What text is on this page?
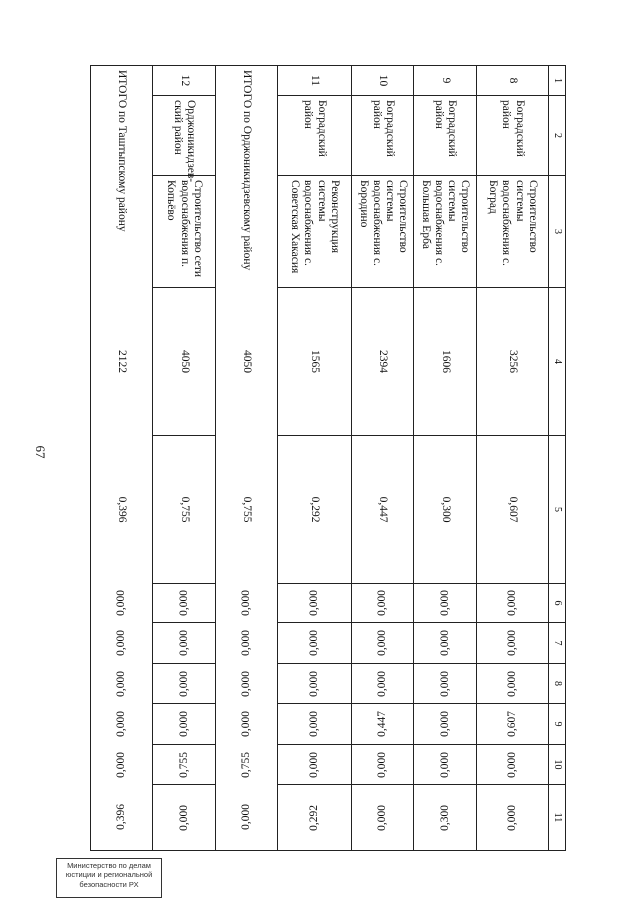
67
1	2	3	4	5	6	7	8	9	10	11
8	Боградский район	Строительство системы водоснабжения с. Боград	3256	0,607	0,000	0,000	0,000	0,607	0,000	0,000
9	Боградский район	Строительство системы водоснабжения с. Большая Ерба	1606	0,300	0,000	0,000	0,000	0,000	0,000	0,300
10	Боградский район	Строительство системы водоснабжения с. Бородино	2394	0,447	0,000	0,000	0,000	0,447	0,000	0,000
11	Боградский район	Реконструкция системы водоснабжения с. Советская Хакасия	1565	0,292	0,000	0,000	0,000	0,000	0,000	0,292
ИТОГО по Орджоникидзевскому району			4050	0,755	0,000	0,000	0,000	0,000	0,755	0,000
12	Орджоникидзев-ский район	Строительство сети водоснабжения п. Копьёво	4050	0,755	0,000	0,000	0,000	0,000	0,755	0,000
ИТОГО по Таштыпскому району			2122	0,396	0,000	0,000	0,000	0,000	0,000	0,396
Министерство по делам
юстиции и региональной
безопасности РХ
